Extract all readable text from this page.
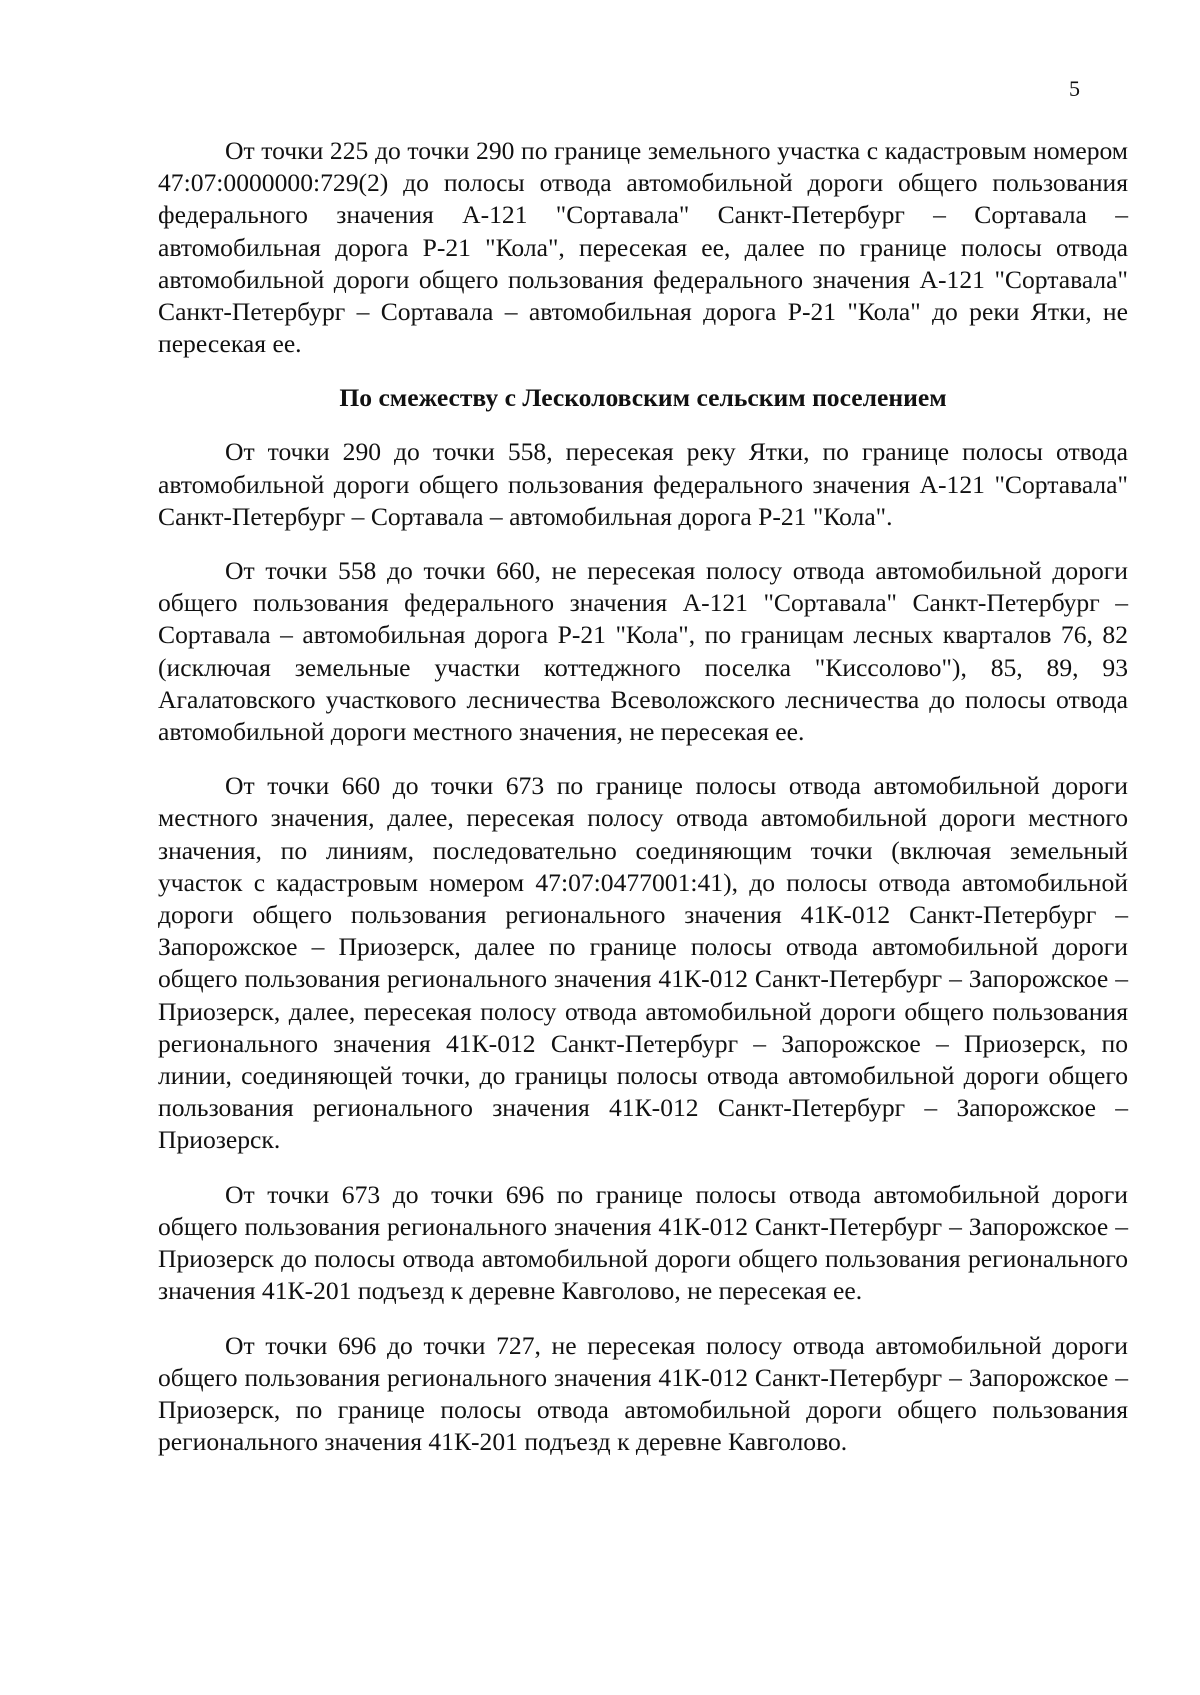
5

От точки 225 до точки 290 по границе земельного участка с кадастровым номером 47:07:0000000:729(2) до полосы отвода автомобильной дороги общего пользования федерального значения А-121 "Сортавала" Санкт-Петербург – Сортавала – автомобильная дорога Р-21 "Кола", пересекая ее, далее по границе полосы отвода автомобильной дороги общего пользования федерального значения А-121 "Сортавала" Санкт-Петербург – Сортавала – автомобильная дорога Р-21 "Кола" до реки Ятки, не пересекая ее.

По смежеству с Лесколовским сельским поселением

От точки 290 до точки 558, пересекая реку Ятки, по границе полосы отвода автомобильной дороги общего пользования федерального значения А-121 "Сортавала" Санкт-Петербург – Сортавала – автомобильная дорога Р-21 "Кола".

От точки 558 до точки 660, не пересекая полосу отвода автомобильной дороги общего пользования федерального значения А-121 "Сортавала" Санкт-Петербург – Сортавала – автомобильная дорога Р-21 "Кола", по границам лесных кварталов 76, 82 (исключая земельные участки коттеджного поселка "Киссолово"), 85, 89, 93 Агалатовского участкового лесничества Всеволожского лесничества до полосы отвода автомобильной дороги местного значения, не пересекая ее.

От точки 660 до точки 673 по границе полосы отвода автомобильной дороги местного значения, далее, пересекая полосу отвода автомобильной дороги местного значения, по линиям, последовательно соединяющим точки (включая земельный участок с кадастровым номером 47:07:0477001:41), до полосы отвода автомобильной дороги общего пользования регионального значения 41К-012 Санкт-Петербург – Запорожское – Приозерск, далее по границе полосы отвода автомобильной дороги общего пользования регионального значения 41К-012 Санкт-Петербург – Запорожское – Приозерск, далее, пересекая полосу отвода автомобильной дороги общего пользования регионального значения 41К-012 Санкт-Петербург – Запорожское – Приозерск, по линии, соединяющей точки, до границы полосы отвода автомобильной дороги общего пользования регионального значения 41К-012 Санкт-Петербург – Запорожское – Приозерск.

От точки 673 до точки 696 по границе полосы отвода автомобильной дороги общего пользования регионального значения 41К-012 Санкт-Петербург – Запорожское – Приозерск до полосы отвода автомобильной дороги общего пользования регионального значения 41К-201 подъезд к деревне Кавголово, не пересекая ее.

От точки 696 до точки 727, не пересекая полосу отвода автомобильной дороги общего пользования регионального значения 41К-012 Санкт-Петербург – Запорожское – Приозерск, по границе полосы отвода автомобильной дороги общего пользования регионального значения 41К-201 подъезд к деревне Кавголово.
